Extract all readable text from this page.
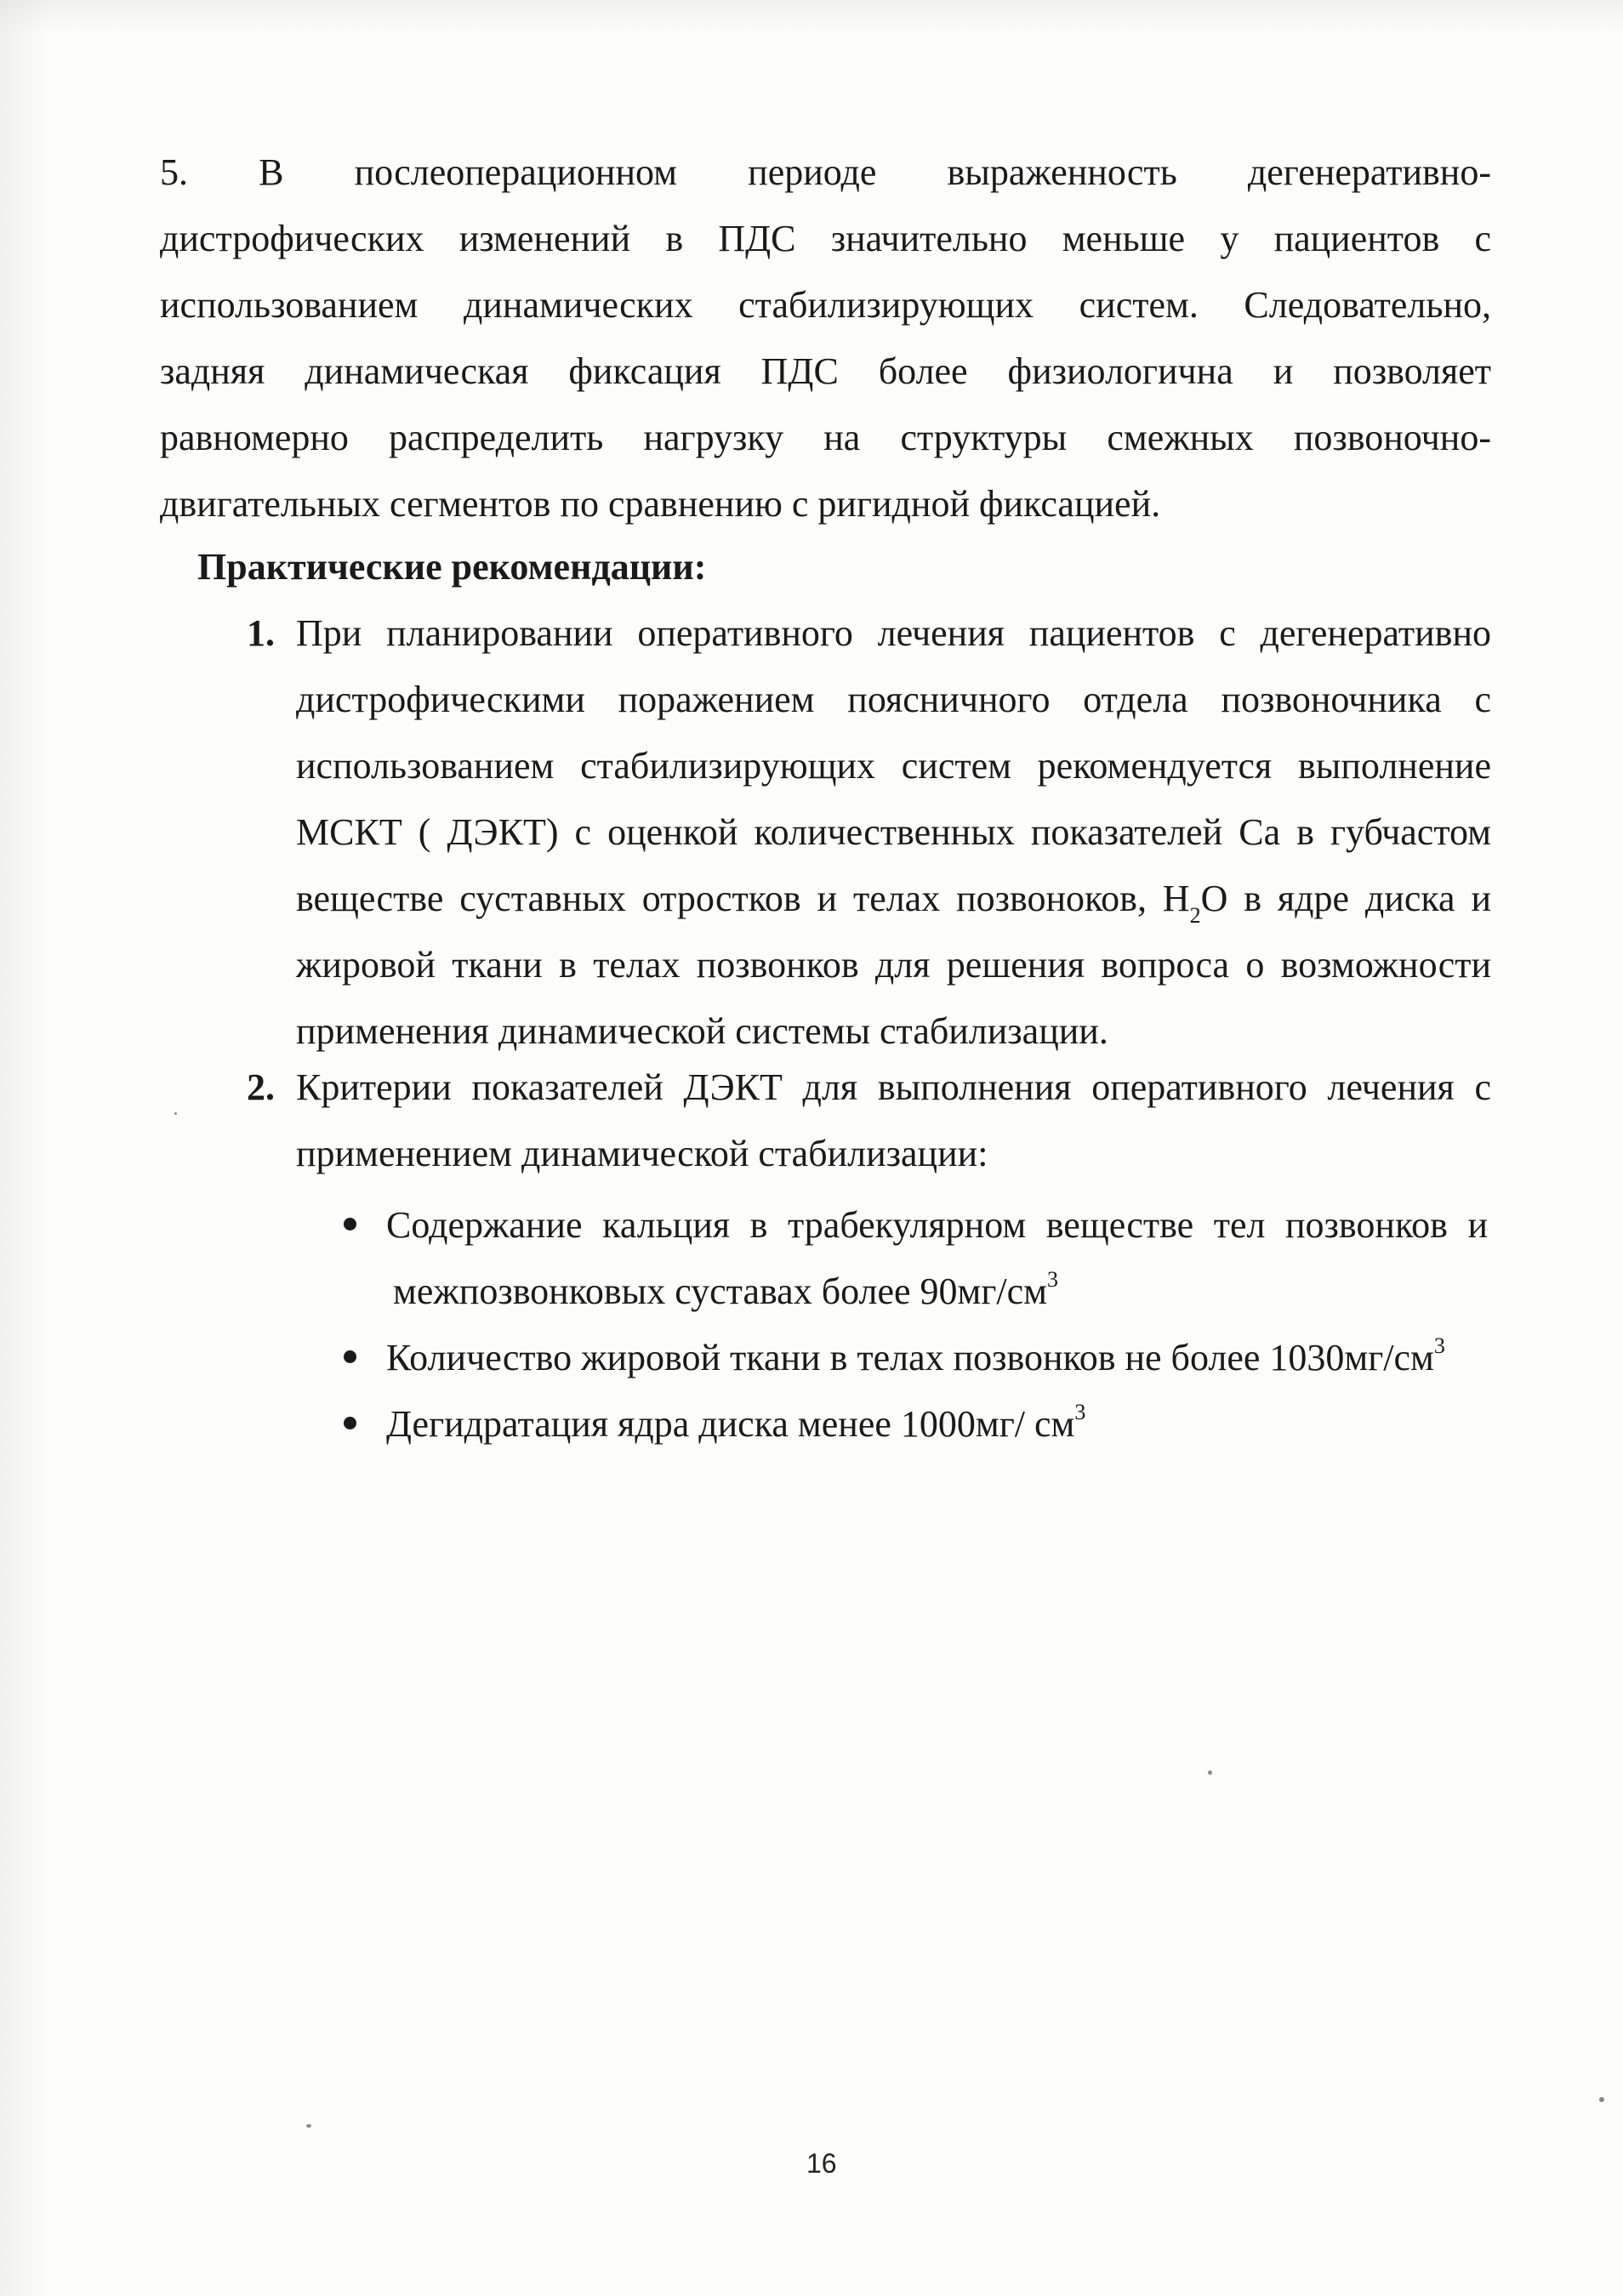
5. В послеоперационном периоде выраженность дегенеративно-
дистрофических изменений в ПДС значительно меньше у пациентов с
использованием динамических стабилизирующих систем. Следовательно,
задняя динамическая фиксация ПДС более физиологична и позволяет
равномерно распределить нагрузку на структуры смежных позвоночно-
двигательных сегментов по сравнению с ригидной фиксацией.
Практические рекомендации:
1. При планировании оперативного лечения пациентов с дегенеративно
дистрофическими поражением поясничного отдела позвоночника с
использованием стабилизирующих систем рекомендуется выполнение
МСКТ ( ДЭКТ) с оценкой количественных показателей Са в губчастом
веществе суставных отростков и телах позвоноков, $H_2O$ в ядре диска и
жировой ткани в телах позвонков для решения вопроса о возможности
применения динамической системы стабилизации.
2. Критерии показателей ДЭКТ для выполнения оперативного лечения с
применением динамической стабилизации:
Содержание кальция в трабекулярном веществе тел позвонков и
межпозвонковых суставах более $90мг/см^3$
Количество жировой ткани в телах позвонков не более $1030мг/см^3$
Дегидратация ядра диска менее 1000мг/ $см^3$
16
